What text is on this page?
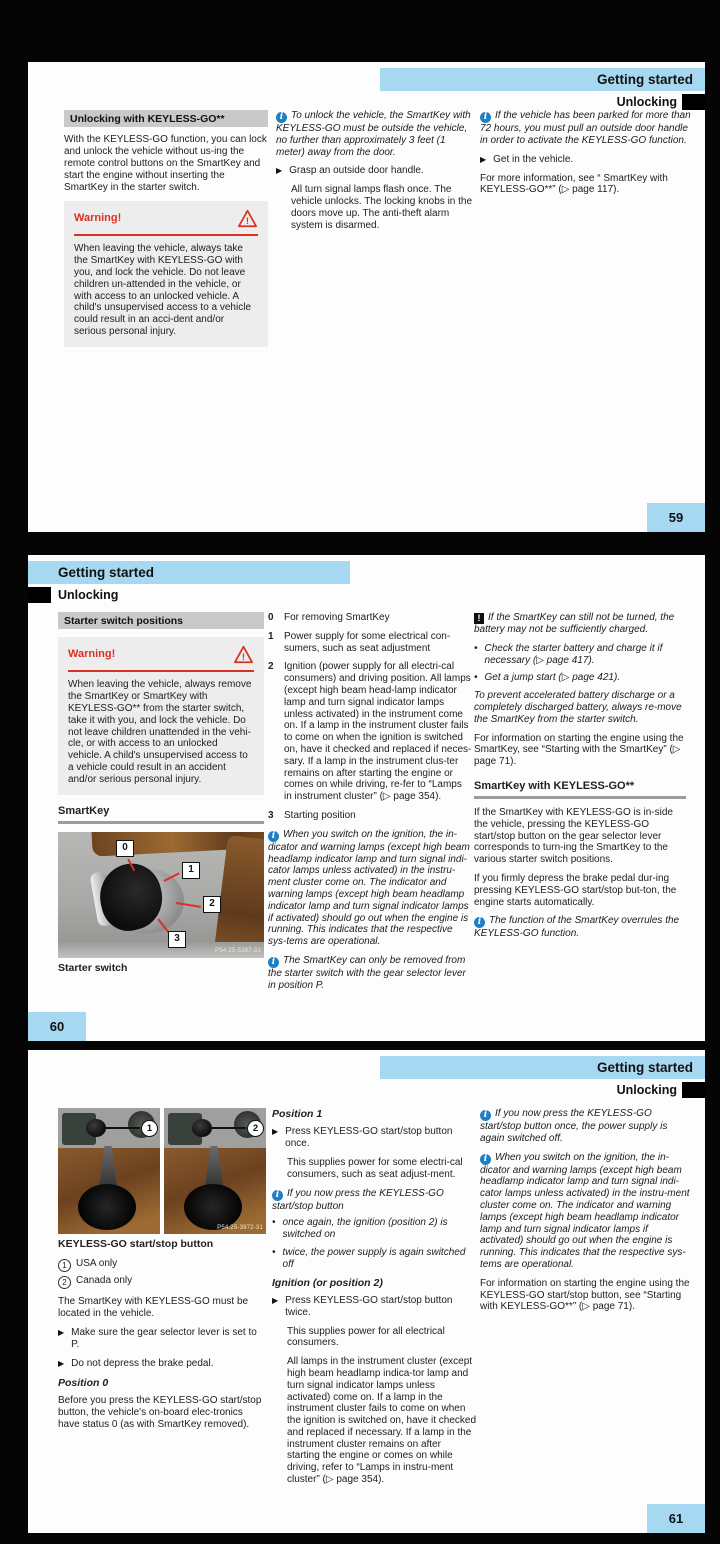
Getting started
Unlocking
Unlocking with KEYLESS-GO**

With the KEYLESS-GO function, you can lock and unlock the vehicle without us-ing the remote control buttons on the SmartKey and start the engine without inserting the SmartKey in the starter switch.

Warning!	!
When leaving the vehicle, always take the SmartKey with KEYLESS-GO with you, and lock the vehicle. Do not leave children un-attended in the vehicle, or with access to an unlocked vehicle. A child's unsupervised access to a vehicle could result in an acci-dent and/or serious personal injury.

i To unlock the vehicle, the SmartKey with KEYLESS-GO must be outside the vehicle, no further than approximately 3 feet (1 meter) away from the door.

▶ Grasp an outside door handle.

All turn signal lamps flash once. The vehicle unlocks. The locking knobs in the doors move up. The anti-theft alarm system is disarmed.

i If the vehicle has been parked for more than 72 hours, you must pull an outside door handle in order to activate the KEYLESS-GO function.

▶ Get in the vehicle.

For more information, see “ SmartKey with KEYLESS-GO**” (▷ page 117).

59
Getting started
Unlocking
Starter switch positions
Warning!	!
When leaving the vehicle, always remove the SmartKey or SmartKey with KEYLESS-GO** from the starter switch, take it with you, and lock the vehicle. Do not leave children unattended in the vehi-cle, or with access to an unlocked vehicle. A child's unsupervised access to a vehicle could result in an accident and/or serious personal injury.
SmartKey
0
1
2
3
P54.25-5387-31
Starter switch
0	For removing SmartKey
1	Power supply for some electrical con-sumers, such as seat adjustment
2	Ignition (power supply for all electri-cal consumers) and driving position. All lamps (except high beam head-lamp indicator lamp and turn signal indicator lamps unless activated) in the instrument come on. If a lamp in the instrument cluster fails to come on when the ignition is switched on, have it checked and replaced if neces-sary. If a lamp in the instrument clus-ter remains on after starting the engine or comes on while driving, re-fer to “Lamps in instrument cluster” (▷ page 354).
3	Starting position

i When you switch on the ignition, the in-dicator and warning lamps (except high beam headlamp indicator lamp and turn signal indi-cator lamps unless activated) in the instru-ment cluster come on. The indicator and warning lamps (except high beam headlamp indicator lamp and turn signal indicator lamps if activated) should go out when the engine is running. This indicates that the respective sys-tems are operational.

i The SmartKey can only be removed from the starter switch with the gear selector lever in position P.

! If the SmartKey can still not be turned, the battery may not be sufficiently charged.

• Check the starter battery and charge it if necessary (▷ page 417).
• Get a jump start (▷ page 421).

To prevent accelerated battery discharge or a completely discharged battery, always re-move the SmartKey from the starter switch.

For information on starting the engine using the SmartKey, see “Starting with the SmartKey” (▷ page 71).

SmartKey with KEYLESS-GO**

If the SmartKey with KEYLESS-GO is in-side the vehicle, pressing the KEYLESS-GO start/stop button on the gear selector lever corresponds to turn-ing the SmartKey to the various starter switch positions.

If you firmly depress the brake pedal dur-ing pressing KEYLESS-GO start/stop but-ton, the engine starts automatically.

i The function of the SmartKey overrules the KEYLESS-GO function.

60
Getting started
Unlocking
1	2
P54.25-3972-31
KEYLESS-GO start/stop button
1 USA only
2 Canada only

The SmartKey with KEYLESS-GO must be located in the vehicle.

▶ Make sure the gear selector lever is set to P.
▶ Do not depress the brake pedal.
Position 0

Before you press the KEYLESS-GO start/stop button, the vehicle's on-board elec-tronics have status 0 (as with SmartKey removed).

Position 1
▶ Press KEYLESS-GO start/stop button once.

This supplies power for some electri-cal consumers, such as seat adjust-ment.

i If you now press the KEYLESS-GO start/stop button

• once again, the ignition (position 2) is switched on
• twice, the power supply is again switched off
Ignition (or position 2)
▶ Press KEYLESS-GO start/stop button twice.

This supplies power for all electrical consumers.

All lamps in the instrument cluster (except high beam headlamp indica-tor lamp and turn signal indicator lamps unless activated) come on. If a lamp in the instrument cluster fails to come on when the ignition is switched on, have it checked and replaced if necessary. If a lamp in the instrument cluster remains on after starting the engine or comes on while driving, refer to “Lamps in instru-ment cluster” (▷ page 354).

i If you now press the KEYLESS-GO start/stop button once, the power supply is again switched off.

i When you switch on the ignition, the in-dicator and warning lamps (except high beam headlamp indicator lamp and turn signal indi-cator lamps unless activated) in the instru-ment cluster come on. The indicator and warning lamps (except high beam headlamp indicator lamp and turn signal indicator lamps if activated) should go out when the engine is running. This indicates that the respective sys-tems are operational.

For information on starting the engine using the KEYLESS-GO start/stop button, see “Starting with KEYLESS-GO**” (▷ page 71).

61
